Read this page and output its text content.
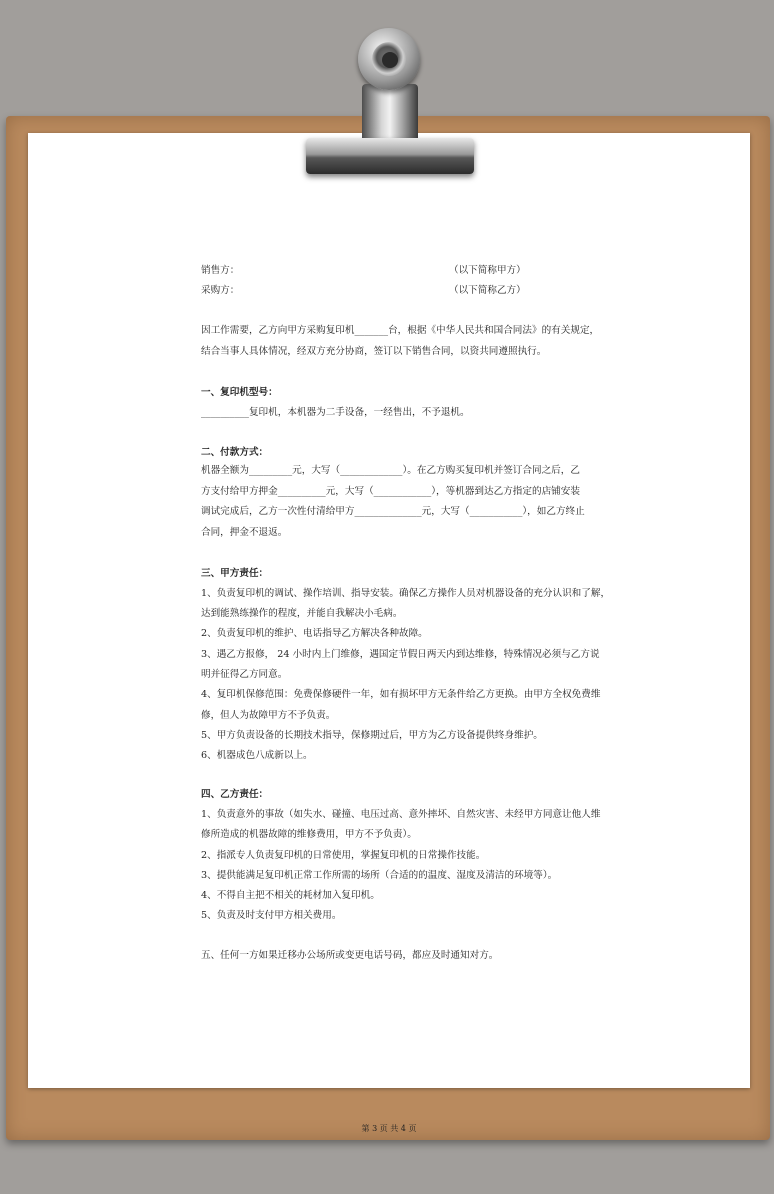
销售方：	（以下简称甲方）
采购方：	（以下简称乙方）
因工作需要，乙方向甲方采购复印机_______台，根据《中华人民共和国合同法》的有关规定，
结合当事人具体情况，经双方充分协商，签订以下销售合同，以资共同遵照执行。
一、复印机型号：
__________复印机，本机器为二手设备，一经售出，不予退机。
二、付款方式：
机器全额为_________元，大写（_____________）。在乙方购买复印机并签订合同之后，乙
方支付给甲方押金__________元，大写（____________），等机器到达乙方指定的店铺安装
调试完成后，乙方一次性付清给甲方______________元，大写（___________），如乙方终止
合同，押金不退返。
三、甲方责任：
1、负责复印机的调试、操作培训、指导安装。确保乙方操作人员对机器设备的充分认识和了解，
达到能熟练操作的程度，并能自我解决小毛病。
2、负责复印机的维护、电话指导乙方解决各种故障。
3、遇乙方报修， 24 小时内上门维修，遇国定节假日两天内到达维修，特殊情况必须与乙方说
明并征得乙方同意。
4、复印机保修范围：免费保修硬件一年，如有损坏甲方无条件给乙方更换。由甲方全权免费维
修，但人为故障甲方不予负责。
5、甲方负责设备的长期技术指导，保修期过后，甲方为乙方设备提供终身维护。
6、机器成色八成新以上。
四、乙方责任：
1、负责意外的事故（如失水、碰撞、电压过高、意外摔坏、自然灾害、未经甲方同意让他人维
修所造成的机器故障的维修费用，甲方不予负责）。
2、指派专人负责复印机的日常使用，掌握复印机的日常操作技能。
3、提供能满足复印机正常工作所需的场所（合适的的温度、湿度及清洁的环境等）。
4、不得自主把不相关的耗材加入复印机。
5、负责及时支付甲方相关费用。
五、任何一方如果迁移办公场所或变更电话号码，都应及时通知对方。
第 3 页 共 4 页
